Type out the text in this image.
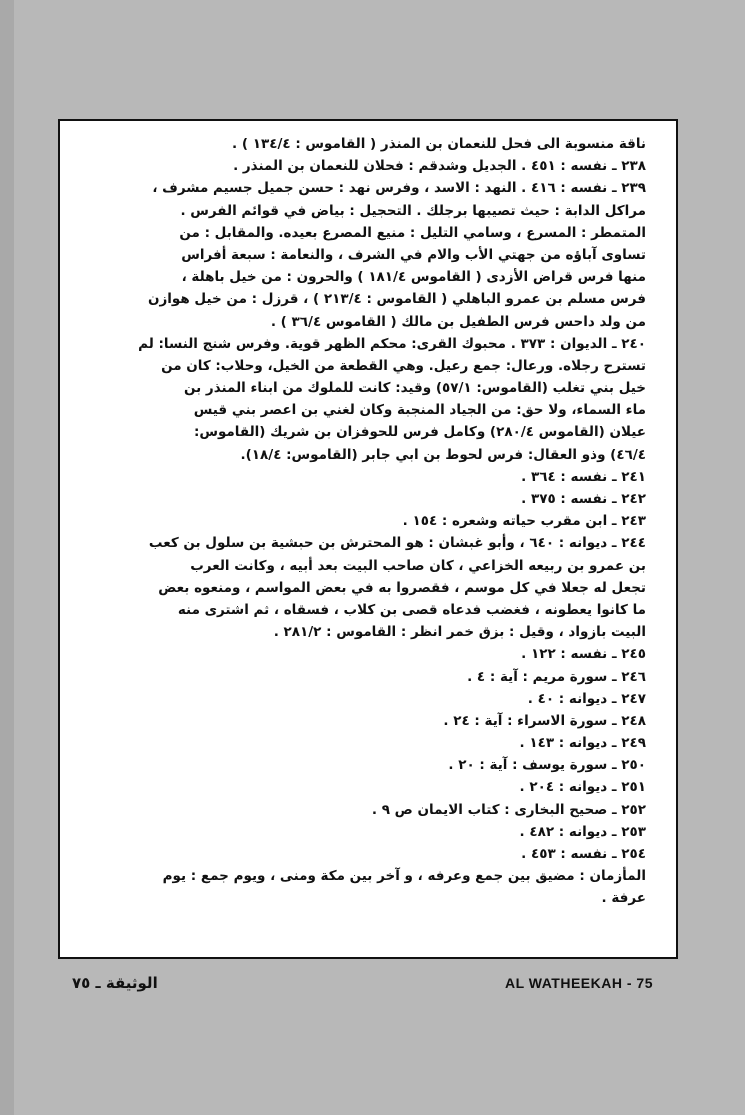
ناقة منسوبة الى فحل للنعمان بن المنذر ( القاموس : ١٣٤/٤ ) .
٢٣٨ ـ نفسه : ٤٥١ . الجديل وشدقم : فحلان للنعمان بن المنذر .
٢٣٩ ـ نفسه : ٤١٦ . النهد : الاسد ، وفرس نهد : حسن جميل جسيم مشرف ،
مراكل الدابة : حيث تصيبها برجلك . التحجيل : بياض في قوائم الفرس .
المتمطر : المسرع ، وسامي التليل : منيع المصرع بعيده. والمقابل : من
تساوى آباؤه من جهتي الأب والام في الشرف ، والنعامة : سبعة أفراس
منها فرس قراض الأزدى ( القاموس ١٨١/٤ ) والحرون : من خيل باهلة ،
فرس مسلم بن عمرو الباهلي ( القاموس : ٢١٣/٤ ) ، قرزل : من خيل هوازن
من ولد داحس فرس الطفيل بن مالك ( القاموس ٣٦/٤ ) .
٢٤٠ ـ الديوان : ٣٧٣ . محبوك القرى: محكم الظهر قوية. وفرس شنج النسا: لم
تسترح رجلاه. ورعال: جمع رعيل. وهي القطعة من الخيل، وحلاب: كان من
خيل بني تغلب (القاموس: ٥٧/١) وقيد: كانت للملوك من ابناء المنذر بن
ماء السماء، ولا حق: من الجياد المنجبة وكان لغني بن اعصر بني قيس
عيلان (القاموس ٢٨٠/٤) وكامل فرس للحوفزان بن شريك (القاموس:
٤٦/٤) وذو العقال: فرس لحوط بن ابي جابر (القاموس: ١٨/٤).
٢٤١ ـ نفسه : ٣٦٤ .
٢٤٢ ـ نفسه : ٣٧٥ .
٢٤٣ ـ ابن مقرب حياته وشعره : ١٥٤ .
٢٤٤ ـ ديوانه : ٦٤٠ ، وأبو غبشان : هو المحترش بن حبشية بن سلول بن كعب
بن عمرو بن ربيعه الخزاعي ، كان صاحب البيت بعد أبيه ، وكانت العرب
تجعل له جعلا في كل موسم ، فقصروا به في بعض المواسم ، ومنعوه بعض
ما كانوا يعطونه ، فغضب فدعاه قصى بن كلاب ، فسقاه ، ثم اشترى منه
البيت بازواد ، وقيل : بزق خمر انظر : القاموس : ٢٨١/٢ .
٢٤٥ ـ نفسه : ١٢٢ .
٢٤٦ ـ سورة مريم : آية : ٤ .
٢٤٧ ـ ديوانه : ٤٠ .
٢٤٨ ـ سورة الاسراء : آية : ٢٤ .
٢٤٩ ـ ديوانه : ١٤٣ .
٢٥٠ ـ سورة يوسف : آية : ٢٠ .
٢٥١ ـ ديوانه : ٢٠٤ .
٢٥٢ ـ صحيح البخارى : كتاب الايمان ص ٩ .
٢٥٣ ـ ديوانه : ٤٨٢ .
٢٥٤ ـ نفسه : ٤٥٣ .
المأزمان : مضيق بين جمع وعرفه ، و آخر بين مكة ومنى ، ويوم جمع : يوم
عرفة .
الوثيقة ـ ٧٥	AL WATHEEKAH - 75
